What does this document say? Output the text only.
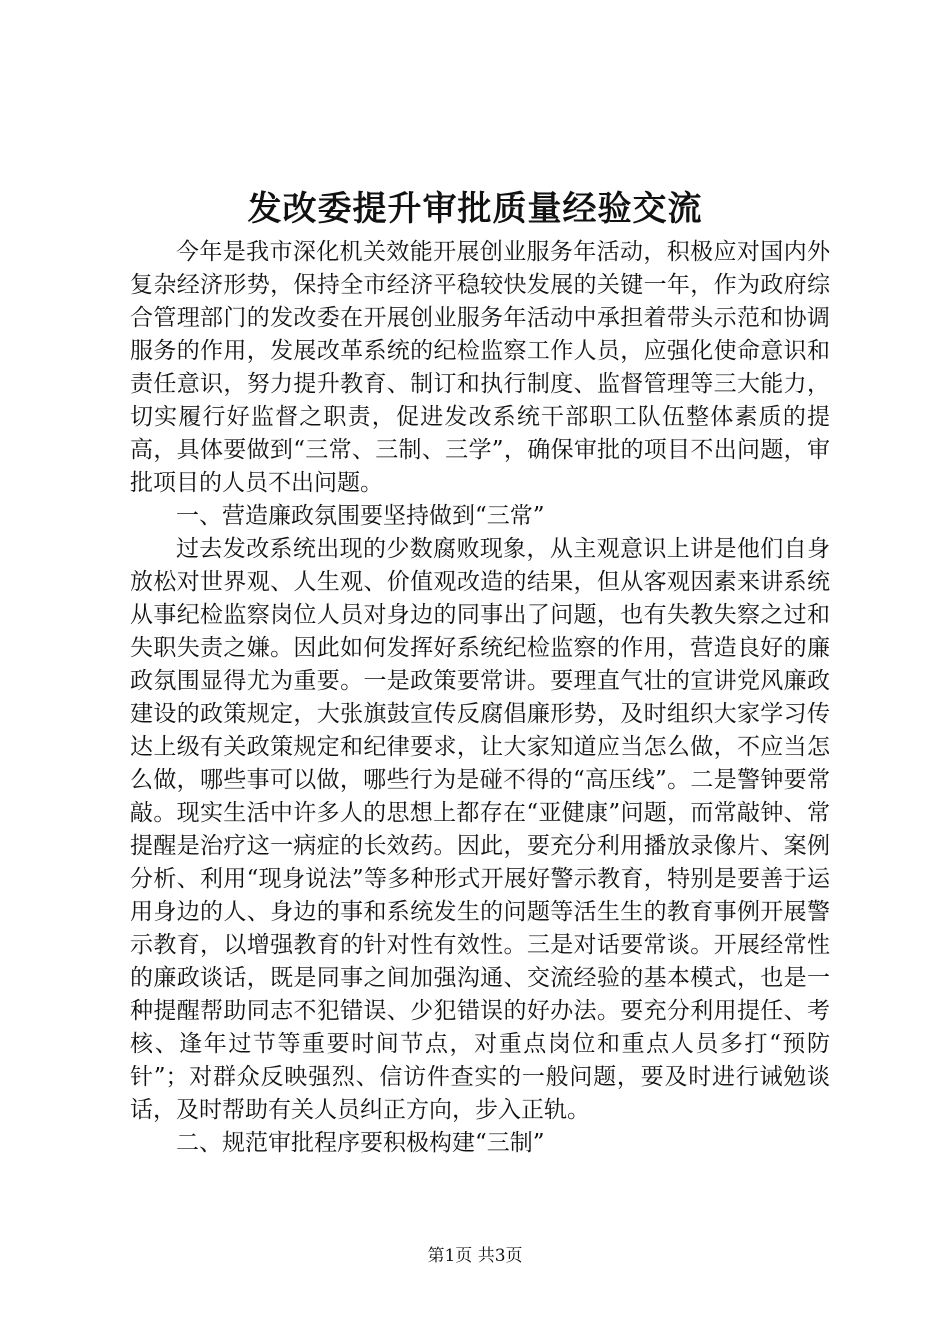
发改委提升审批质量经验交流

今年是我市深化机关效能开展创业服务年活动，积极应对国内外复杂经济形势，保持全市经济平稳较快发展的关键一年，作为政府综合管理部门的发改委在开展创业服务年活动中承担着带头示范和协调服务的作用，发展改革系统的纪检监察工作人员，应强化使命意识和责任意识，努力提升教育、制订和执行制度、监督管理等三大能力，切实履行好监督之职责，促进发改系统干部职工队伍整体素质的提高，具体要做到“三常、三制、三学”，确保审批的项目不出问题，审批项目的人员不出问题。

一、营造廉政氛围要坚持做到“三常”

过去发改系统出现的少数腐败现象，从主观意识上讲是他们自身放松对世界观、人生观、价值观改造的结果，但从客观因素来讲系统从事纪检监察岗位人员对身边的同事出了问题，也有失教失察之过和失职失责之嫌。因此如何发挥好系统纪检监察的作用，营造良好的廉政氛围显得尤为重要。一是政策要常讲。要理直气壮的宣讲党风廉政建设的政策规定，大张旗鼓宣传反腐倡廉形势，及时组织大家学习传达上级有关政策规定和纪律要求，让大家知道应当怎么做，不应当怎么做，哪些事可以做，哪些行为是碰不得的“高压线”。二是警钟要常敲。现实生活中许多人的思想上都存在“亚健康”问题，而常敲钟、常提醒是治疗这一病症的长效药。因此，要充分利用播放录像片、案例分析、利用“现身说法”等多种形式开展好警示教育，特别是要善于运用身边的人、身边的事和系统发生的问题等活生生的教育事例开展警示教育，以增强教育的针对性有效性。三是对话要常谈。开展经常性的廉政谈话，既是同事之间加强沟通、交流经验的基本模式，也是一种提醒帮助同志不犯错误、少犯错误的好办法。要充分利用提任、考核、逢年过节等重要时间节点，对重点岗位和重点人员多打“预防针”；对群众反映强烈、信访件查实的一般问题，要及时进行诫勉谈话，及时帮助有关人员纠正方向，步入正轨。

二、规范审批程序要积极构建“三制”

第1页 共3页
